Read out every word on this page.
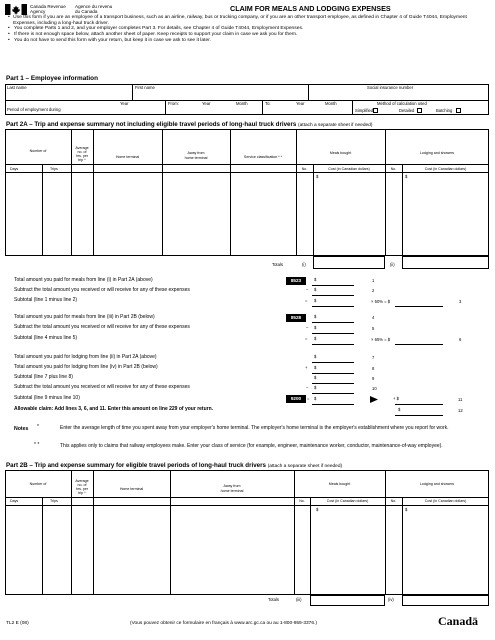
Canada Revenue
Agency
Agence du revenu
du Canada	CLAIM FOR MEALS AND LODGING EXPENSES
• Use this form if you are an employee of a transport business, such as an airline, railway, bus or trucking company, or if you are an other transport employee, as defined in Chapter 4 of Guide T4044, Employment Expenses, including a long-haul truck driver.
• You complete Parts 1 and 2, and your employer completes Part 3. For details, see Chapter 4 of Guide T4044, Employment Expenses.
• If there is not enough space below, attach another sheet of paper. Keep receipts to support your claim in case we ask you for them.
• You do not have to send this form with your return, but keep it in case we ask to see it later.
Part 1 – Employee information
Last name	First name	Social insurance number
Period of employment during
Year	From:	Year	Month	To:	Year	Month	Method of calculation used
Simplified	Detailed	Batching
Part 2A – Trip and expense summary not including eligible travel periods of long-haul truck drivers (attach a separate sheet if needed)
Number of
Days	Trips
Average
no. of
hrs. per
trip *
Home terminal
Away from
home terminal	Service classification * *
Meals bought	Lodging and showers
No.	Cost (in Canadian dollars)	No.	Cost (in Canadian dollars)
$	$
Totals	(i)	(ii)
Total amount you paid for meals from line (i) in Part 2A (above)	8523	$	1
Subtract the total amount you received or will receive for any of these expenses	– $	2
Subtotal (line 1 minus line 2)	= $	× 50% = $	3
Total amount you paid for meals from line (iii) in Part 2B (below)	8528	$	4
Subtract the total amount you received or will receive for any of these expenses	– $	5
Subtotal (line 4 minus line 5)	= $	× 65% = $	6
Total amount you paid for lodging from line (ii) in Part 2A (above)	$	7
Total amount you paid for lodging from line (iv) in Part 2B (below)	+ $	8
Subtotal (line 7 plus line 8)	$	9
Subtract the total amount you received or will receive for any of these expenses	– $	10
Subtotal (line 9 minus line 10)	9200	= $	+ $	11
Allowable claim: Add lines 3, 6, and 11. Enter this amount on line 229 of your return.	$	12
Notes *	Enter the average length of time you spent away from your employer's home terminal. The employer's home terminal is the employer's establishment where you report for work.
* *	This applies only to claims that railway employees make. Enter your class of service (for example, engineer, maintenance worker, conductor, maintenance-of-way employee).
Part 2B – Trip and expense summary for eligible travel periods of long-haul truck drivers (attach a separate sheet if needed)
Number of
Days	Trips
Average
no. of
hrs. per
trip *
Home terminal
Away from
home terminal
Meals bought	Lodging and showers
No.	Cost (in Canadian dollars)	No.	Cost (in Canadian dollars)
$	$
Totals	(iii)	(iv)
TL2 E (08)	(Vous pouvez obtenir ce formulaire en français à www.arc.gc.ca ou au 1-800-959-3376.)	Canadä
